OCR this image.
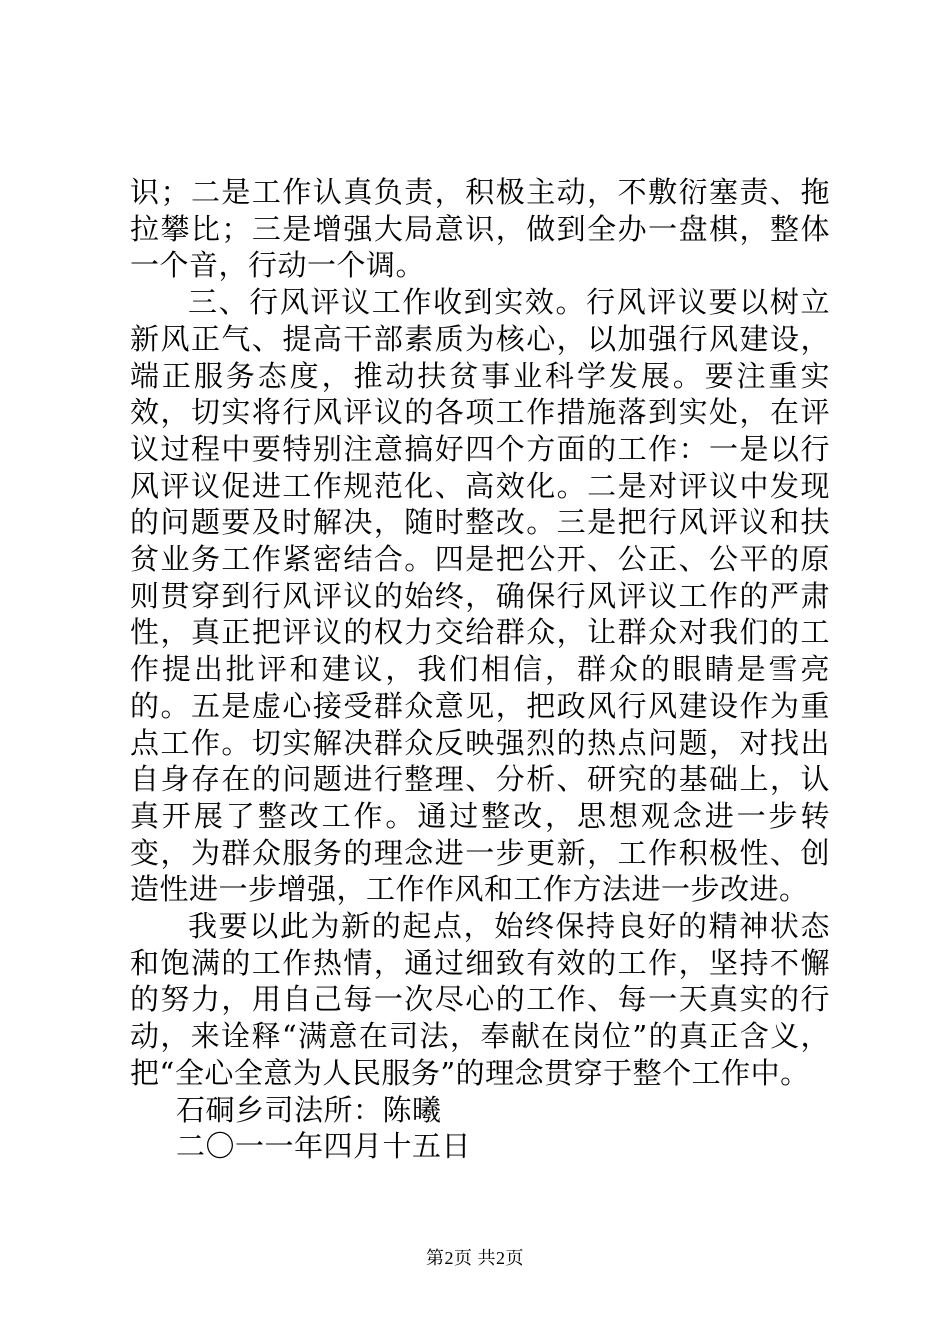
识；二是工作认真负责，积极主动，不敷衍塞责、拖拉攀比；三是增强大局意识，做到全办一盘棋，整体一个音，行动一个调。

三、行风评议工作收到实效。行风评议要以树立新风正气、提高干部素质为核心，以加强行风建设，端正服务态度，推动扶贫事业科学发展。要注重实效，切实将行风评议的各项工作措施落到实处，在评议过程中要特别注意搞好四个方面的工作：一是以行风评议促进工作规范化、高效化。二是对评议中发现的问题要及时解决，随时整改。三是把行风评议和扶贫业务工作紧密结合。四是把公开、公正、公平的原则贯穿到行风评议的始终，确保行风评议工作的严肃性，真正把评议的权力交给群众，让群众对我们的工作提出批评和建议，我们相信，群众的眼睛是雪亮的。五是虚心接受群众意见，把政风行风建设作为重点工作。切实解决群众反映强烈的热点问题，对找出自身存在的问题进行整理、分析、研究的基础上，认真开展了整改工作。通过整改，思想观念进一步转变，为群众服务的理念进一步更新，工作积极性、创造性进一步增强，工作作风和工作方法进一步改进。

我要以此为新的起点，始终保持良好的精神状态和饱满的工作热情，通过细致有效的工作，坚持不懈的努力，用自己每一次尽心的工作、每一天真实的行动，来诠释“满意在司法，奉献在岗位”的真正含义，把“全心全意为人民服务”的理念贯穿于整个工作中。

石硐乡司法所：陈曦

二〇一一年四月十五日

第2页 共2页
